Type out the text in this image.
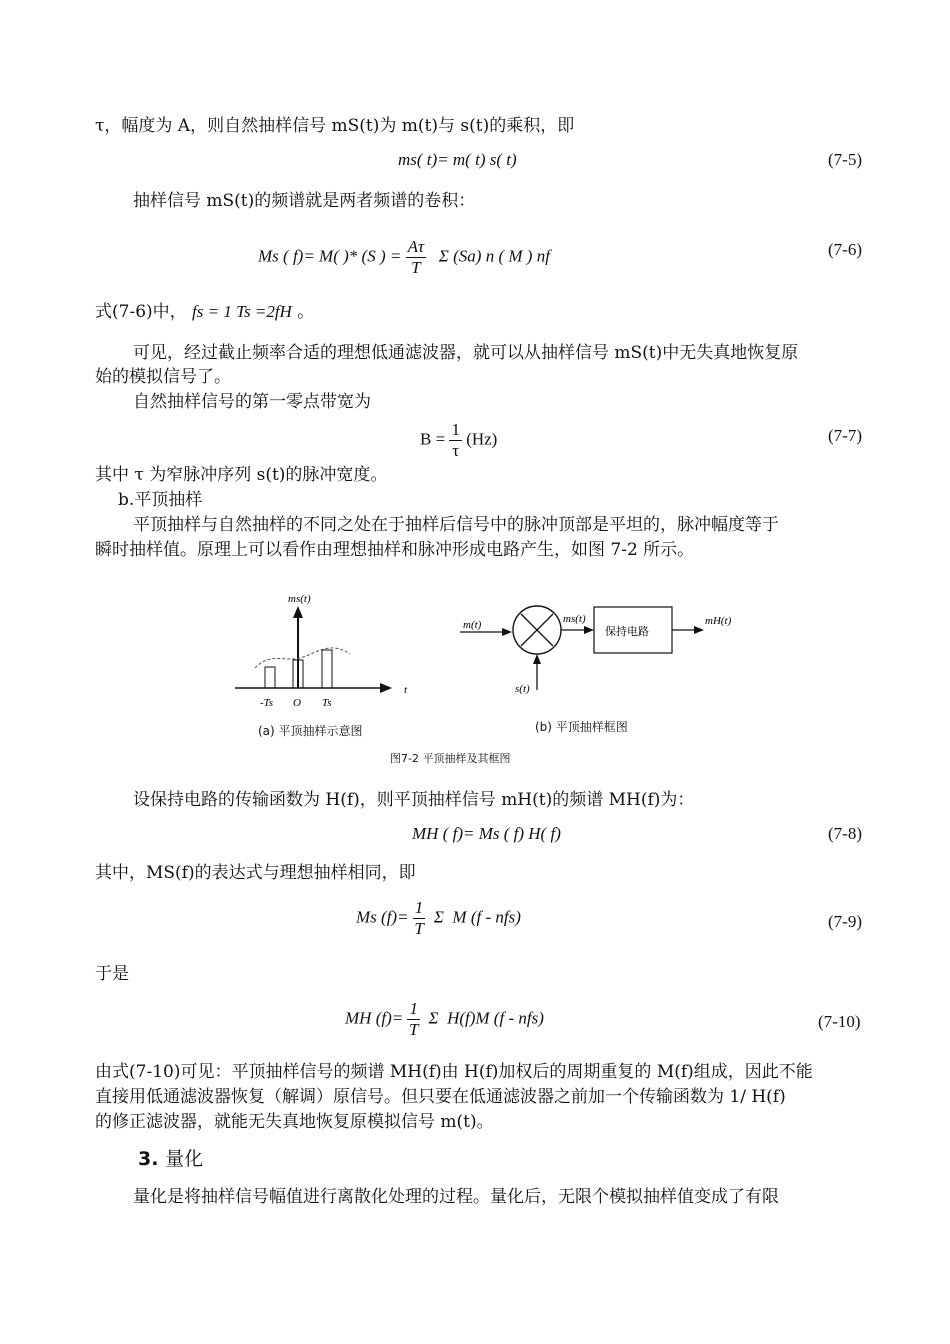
τ，幅度为 A，则自然抽样信号 mS(t)为 m(t)与 s(t)的乘积，即
ms( t)= m( t) s( t)	(7-5)
抽样信号 mS(t)的频谱就是两者频谱的卷积：
Ms ( f)= M( )* (S ) = $\frac{A\tau}{T}$ Σ (Sa) n ( M ) nf	(7-6)
式(7-6)中， fs = 1 Ts =2fH 。
可见，经过截止频率合适的理想低通滤波器，就可以从抽样信号 mS(t)中无失真地恢复原
始的模拟信号了。
自然抽样信号的第一零点带宽为
$B = \frac{1}{\tau} (Hz)$	(7-7)
其中 τ 为窄脉冲序列 s(t)的脉冲宽度。
b.平顶抽样
平顶抽样与自然抽样的不同之处在于抽样后信号中的脉冲顶部是平坦的，脉冲幅度等于
瞬时抽样值。原理上可以看作由理想抽样和脉冲形成电路产生，如图 7-2 所示。
ms(t)
t
-Ts O Ts
m(t)
s(t)
ms(t)
保持电路
mH(t)
(a) 平顶抽样示意图	(b) 平顶抽样框图
图7-2 平顶抽样及其框图
设保持电路的传输函数为 H(f)，则平顶抽样信号 mH(t)的频谱 MH(f)为：
MH ( f)= Ms ( f) H( f)	(7-8)
其中，MS(f)的表达式与理想抽样相同，即
Ms $(f)= \frac{1}{T}$ Σ  M (f - nfs)	(7-9)
于是
MH $(f)= \frac{1}{T}$ Σ  H(f)M (f - nfs)	(7-10)
由式(7-10)可见：平顶抽样信号的频谱 MH(f)由 H(f)加权后的周期重复的 M(f)组成，因此不能
直接用低通滤波器恢复（解调）原信号。但只要在低通滤波器之前加一个传输函数为 1/ H(f)
的修正滤波器，就能无失真地恢复原模拟信号 m(t)。
3. 量化
量化是将抽样信号幅值进行离散化处理的过程。量化后，无限个模拟抽样值变成了有限
